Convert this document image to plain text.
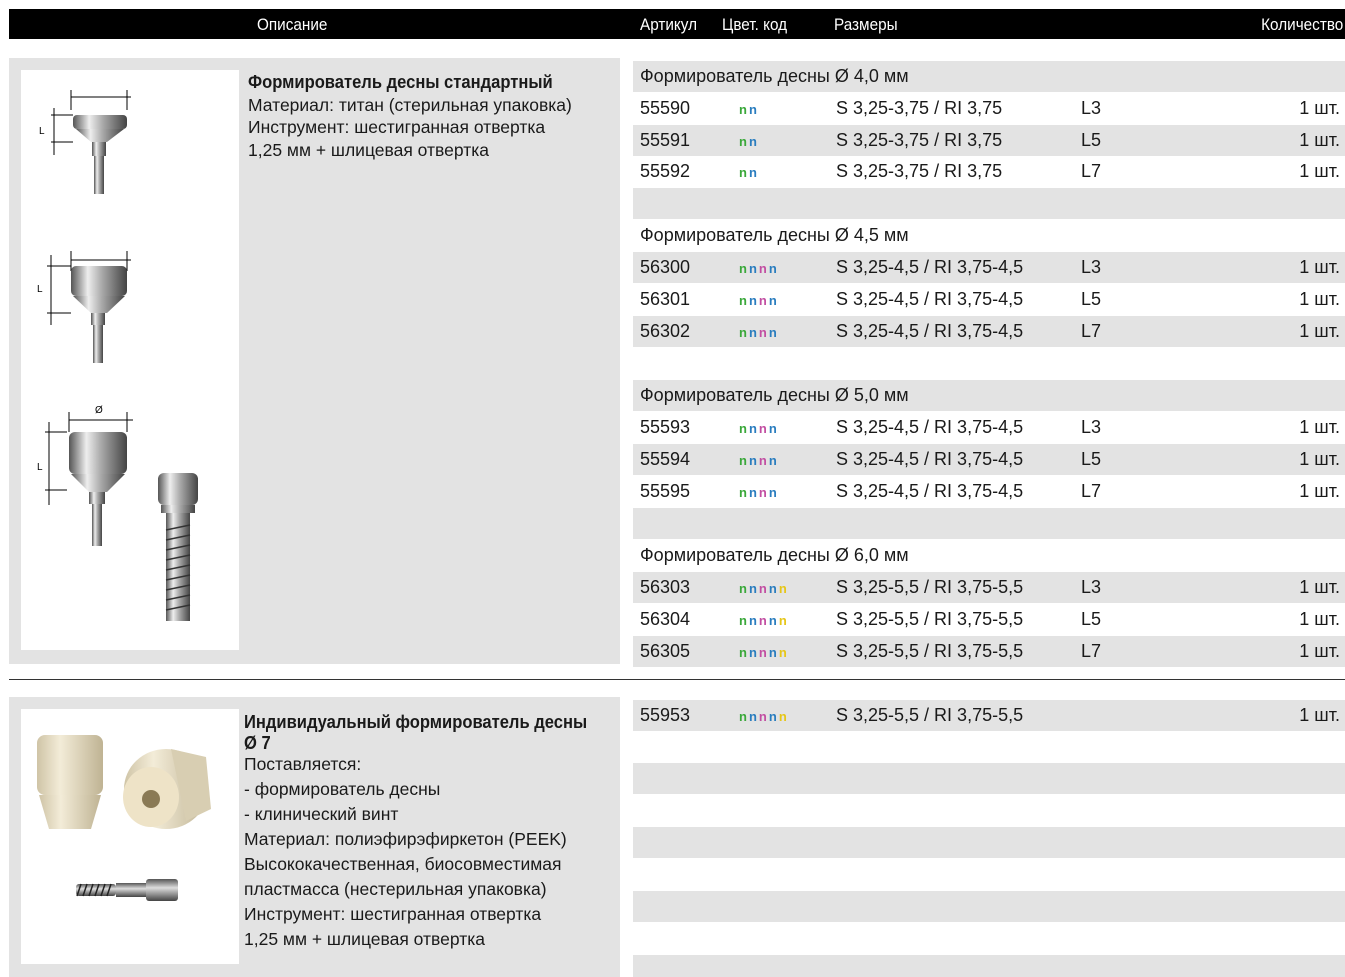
Описание	Артикул Цвет. код	Размеры	Количество
L
L
Ø
L
Формирователь десны стандартный
Материал: титан (стерильная упаковка)
Инструмент: шестигранная отвертка
1,25 мм + шлицевая отвертка
Формирователь десны Ø 4,0 мм
55590	nn	S 3,25-3,75 / RI 3,75	L3	1 шт.
55591	nn	S 3,25-3,75 / RI 3,75	L5	1 шт.
55592	nn	S 3,25-3,75 / RI 3,75	L7	1 шт.
Формирователь десны Ø 4,5 мм
56300	nnnn	S 3,25-4,5 / RI 3,75-4,5	L3	1 шт.
56301	nnnn	S 3,25-4,5 / RI 3,75-4,5	L5	1 шт.
56302	nnnn	S 3,25-4,5 / RI 3,75-4,5	L7	1 шт.
Формирователь десны Ø 5,0 мм
55593	nnnn	S 3,25-4,5 / RI 3,75-4,5	L3	1 шт.
55594	nnnn	S 3,25-4,5 / RI 3,75-4,5	L5	1 шт.
55595	nnnn	S 3,25-4,5 / RI 3,75-4,5	L7	1 шт.
Формирователь десны Ø 6,0 мм
56303	nnnnn	S 3,25-5,5 / RI 3,75-5,5	L3	1 шт.
56304	nnnnn	S 3,25-5,5 / RI 3,75-5,5	L5	1 шт.
56305	nnnnn	S 3,25-5,5 / RI 3,75-5,5	L7	1 шт.
Индивидуальный формирователь десны
Ø 7
Поставляется:
- формирователь десны
- клинический винт
Материал: полиэфирэфиркетон (PEEK)
Высококачественная, биосовместимая
пластмасса (нестерильная упаковка)
Инструмент: шестигранная отвертка
1,25 мм + шлицевая отвертка
55953	nnnnn	S 3,25-5,5 / RI 3,75-5,5	1 шт.
